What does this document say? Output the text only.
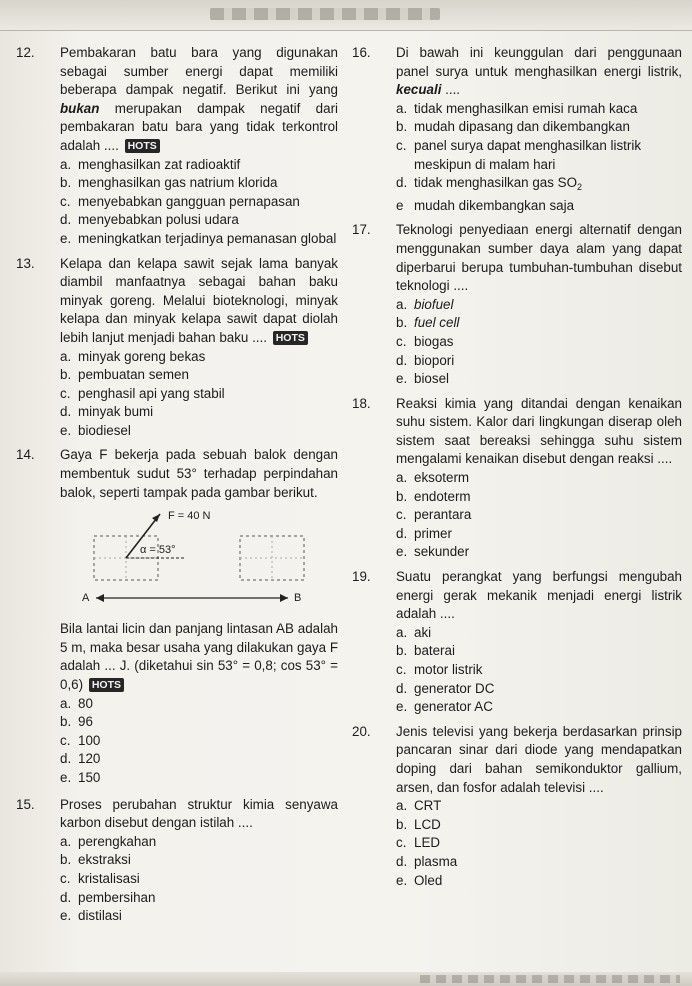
12.	Pembakaran batu bara yang digunakan sebagai sumber energi dapat memiliki beberapa dampak negatif. Berikut ini yang bukan merupakan dampak negatif dari pembakaran batu bara yang tidak terkontrol adalah .... HOTS
a. menghasilkan zat radioaktif
b. menghasilkan gas natrium klorida
c. menyebabkan gangguan pernapasan
d. menyebabkan polusi udara
e. meningkatkan terjadinya pemanasan global
13.	Kelapa dan kelapa sawit sejak lama banyak diambil manfaatnya sebagai bahan baku minyak goreng. Melalui bioteknologi, minyak kelapa dan minyak kelapa sawit dapat diolah lebih lanjut menjadi bahan baku .... HOTS
a. minyak goreng bekas
b. pembuatan semen
c. penghasil api yang stabil
d. minyak bumi
e. biodiesel
14.	Gaya F bekerja pada sebuah balok dengan membentuk sudut 53° terhadap perpindahan balok, seperti tampak pada gambar berikut.
F = 40 N
α = 53°
A	B
Bila lantai licin dan panjang lintasan AB adalah 5 m, maka besar usaha yang dilakukan gaya F adalah ... J. (diketahui sin 53° = 0,8; cos 53° = 0,6) HOTS
a. 80
b. 96
c. 100
d. 120
e. 150
15.	Proses perubahan struktur kimia senyawa karbon disebut dengan istilah ....
a. perengkahan
b. ekstraksi
c. kristalisasi
d. pembersihan
e. distilasi
16.	Di bawah ini keunggulan dari penggunaan panel surya untuk menghasilkan energi listrik, kecuali ....
a. tidak menghasilkan emisi rumah kaca
b. mudah dipasang dan dikembangkan
c. panel surya dapat menghasilkan listrik meskipun di malam hari
d. tidak menghasilkan gas $SO_2$
e mudah dikembangkan saja
17.	Teknologi penyediaan energi alternatif dengan menggunakan sumber daya alam yang dapat diperbarui berupa tumbuhan-tumbuhan disebut teknologi ....
a. biofuel
b. fuel cell
c. biogas
d. biopori
e. biosel
18.	Reaksi kimia yang ditandai dengan kenaikan suhu sistem. Kalor dari lingkungan diserap oleh sistem saat bereaksi sehingga suhu sistem mengalami kenaikan disebut dengan reaksi ....
a. eksoterm
b. endoterm
c. perantara
d. primer
e. sekunder
19.	Suatu perangkat yang berfungsi mengubah energi gerak mekanik menjadi energi listrik adalah ....
a. aki
b. baterai
c. motor listrik
d. generator DC
e. generator AC
20.	Jenis televisi yang bekerja berdasarkan prinsip pancaran sinar dari diode yang mendapatkan doping dari bahan semikonduktor gallium, arsen, dan fosfor adalah televisi ....
a. CRT
b. LCD
c. LED
d. plasma
e. Oled
